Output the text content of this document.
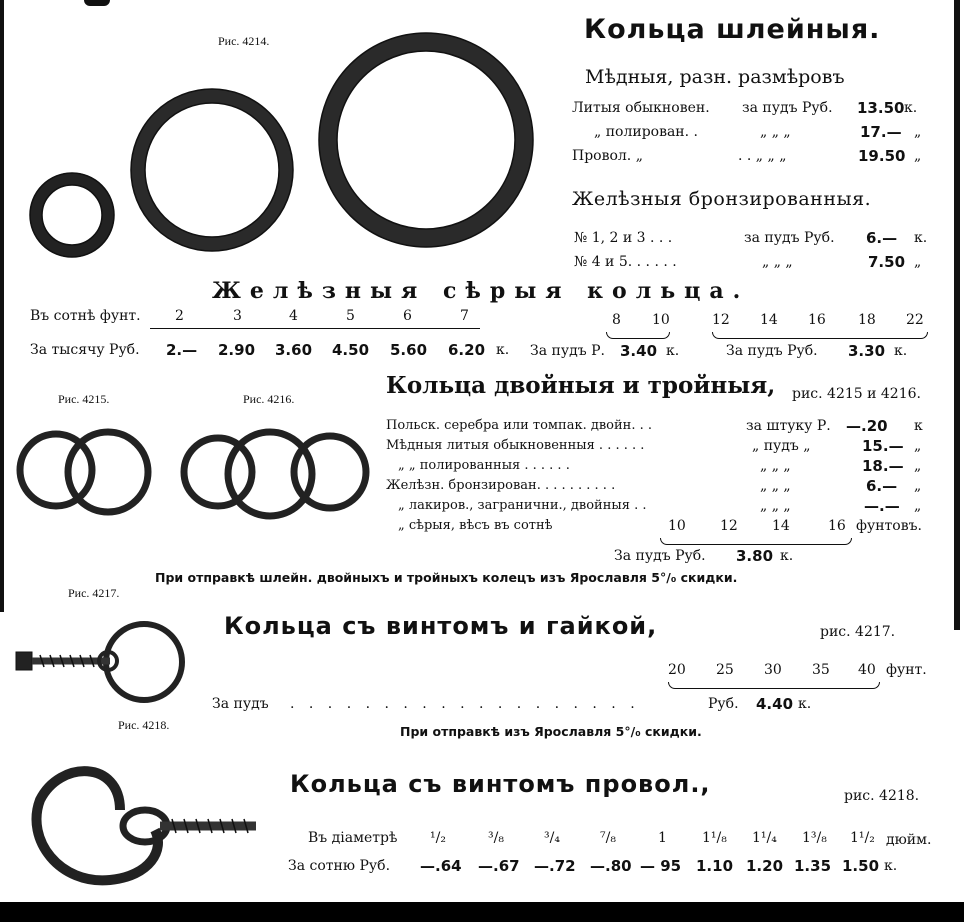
Рис. 4214.
Рис. 4215.	Рис. 4216.
Рис. 4217.
Рис. 4218.
Кольца шлейныя.
Мѣдныя, разн. размѣровъ
Литыя обыкновен. за пудъ Руб. 13.50 к.
„ полирован. .	„ „ „	17.— „
Провол. „	. . „ „ „	19.50 „
Желѣзныя бронзированныя.
№ 1, 2 и 3 . . .	за пудъ Руб. 6.— к.
№ 4 и 5. . . . . .	„ „ „	7.50 „
Желѣзныя сѣрыя кольца.
Въ сотнѣ фунт. 2	3	4	5	6	7	8 10	12 14 16 18 22
За тысячу Руб. 2.— 2.90 3.60 4.50 5.60 6.20 к. За пудъ Р. 3.40 к.	За пудъ Руб. 3.30 к.
Кольца двойныя и тройныя, рис. 4215 и 4216.
Польск. серебра или томпак. двойн. . .	за штуку Р. —.20 к
Мѣдныя литыя обыкновенныя . . . . . .	„ пудъ „	15.— „
„ „ полированныя . . . . . .	„ „ „	18.— „
Желѣзн. бронзирован. . . . . . . . . .	„ „ „	6.— „
„ лакиров., загранични., двойныя . .	„ „ „	—.— „
„ сѣрыя, вѣсъ въ сотнѣ	10 12 14	16 фунтовъ.
За пудъ Руб. 3.80 к.
При отправкѣ шлейн. двойныхъ и тройныхъ колецъ изъ Ярославля 5°/₀ скидки.
Кольца съ винтомъ и гайкой,	рис. 4217.
20 25 30 35 40 фунт.
За пудъ . . . . . . . . . . . . . . . . . . .	Руб. 4.40 к.
При отправкѣ изъ Ярославля 5°/₀ скидки.
Кольца съ винтомъ провол.,	рис. 4218.
Въ діаметрѣ ¹/₂	³/₈	³/₄	⁷/₈	1	1¹/₈ 1¹/₄ 1³/₈ 1¹/₂ дюйм.
За сотню Руб. —.64 —.67 —.72 —.80 — 95 1.10 1.20 1.35 1.50 к.
